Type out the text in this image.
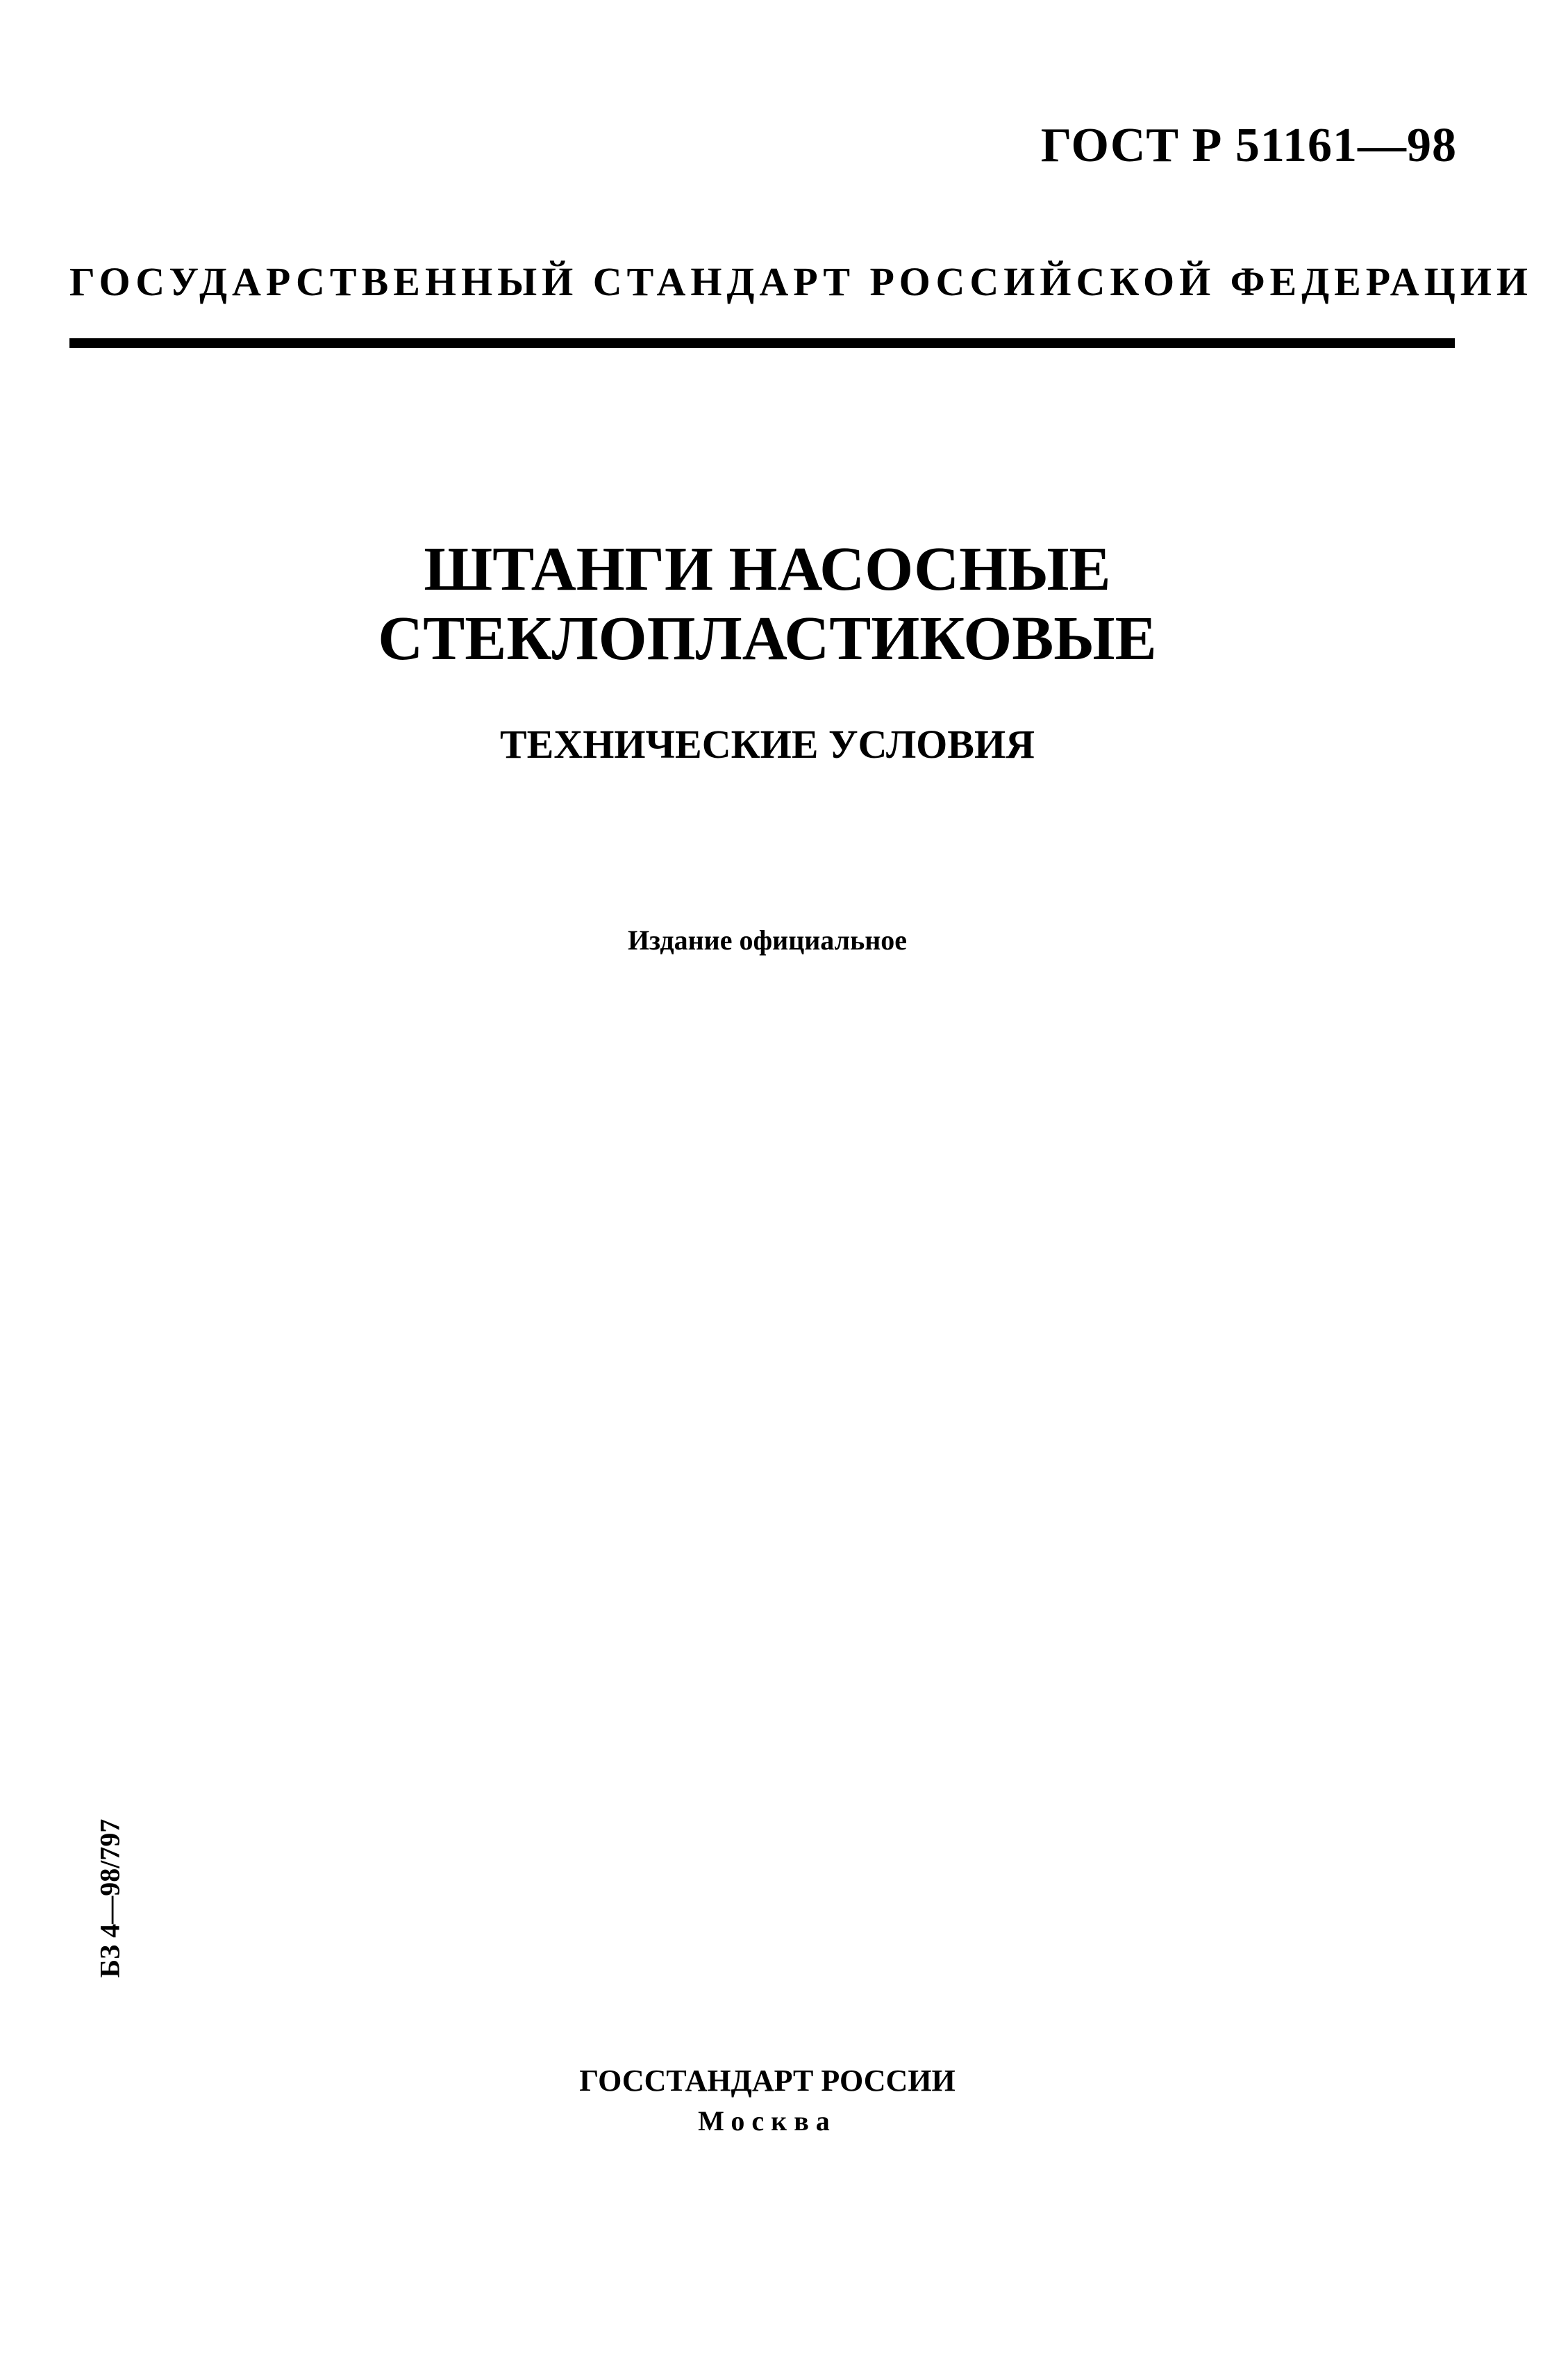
ГОСТ Р 51161—98
ГОСУДАРСТВЕННЫЙ СТАНДАРТ РОССИЙСКОЙ ФЕДЕРАЦИИ
ШТАНГИ НАСОСНЫЕ
СТЕКЛОПЛАСТИКОВЫЕ
ТЕХНИЧЕСКИЕ УСЛОВИЯ
Издание официальное
БЗ 4—98/797
ГОССТАНДАРТ РОССИИ
Москва
